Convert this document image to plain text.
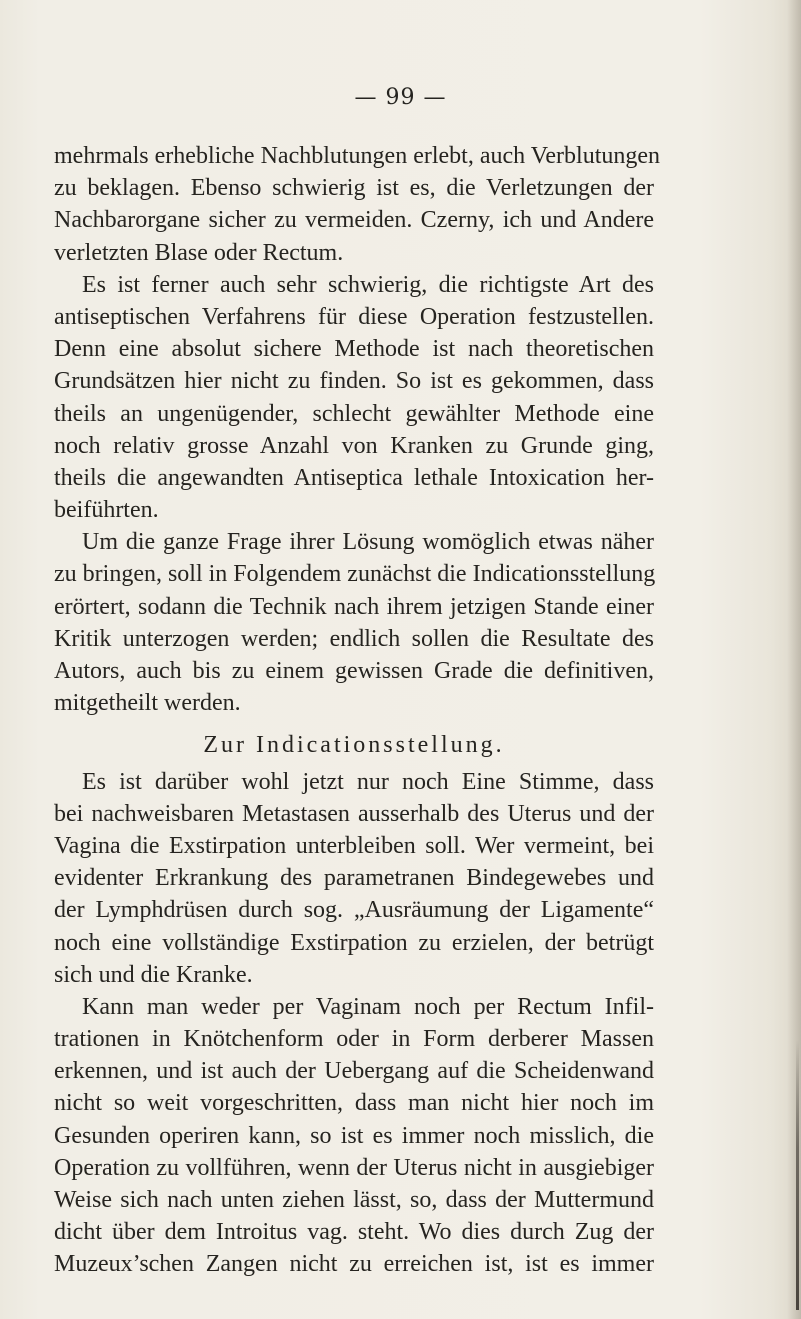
— 99 —
mehrmals erhebliche Nachblutungen erlebt, auch Verblutungen
zu beklagen. Ebenso schwierig ist es, die Verletzungen der
Nachbarorgane sicher zu vermeiden. Czerny, ich und Andere
verletzten Blase oder Rectum.
Es ist ferner auch sehr schwierig, die richtigste Art des
antiseptischen Verfahrens für diese Operation festzustellen.
Denn eine absolut sichere Methode ist nach theoretischen
Grundsätzen hier nicht zu finden. So ist es gekommen, dass
theils an ungenügender, schlecht gewählter Methode eine
noch relativ grosse Anzahl von Kranken zu Grunde ging,
theils die angewandten Antiseptica lethale Intoxication her-
beiführten.
Um die ganze Frage ihrer Lösung womöglich etwas näher
zu bringen, soll in Folgendem zunächst die Indicationsstellung
erörtert, sodann die Technik nach ihrem jetzigen Stande einer
Kritik unterzogen werden; endlich sollen die Resultate des
Autors, auch bis zu einem gewissen Grade die definitiven,
mitgetheilt werden.
Zur Indicationsstellung.
Es ist darüber wohl jetzt nur noch Eine Stimme, dass
bei nachweisbaren Metastasen ausserhalb des Uterus und der
Vagina die Exstirpation unterbleiben soll. Wer vermeint, bei
evidenter Erkrankung des parametranen Bindegewebes und
der Lymphdrüsen durch sog. „Ausräumung der Ligamente“
noch eine vollständige Exstirpation zu erzielen, der betrügt
sich und die Kranke.
Kann man weder per Vaginam noch per Rectum Infil-
trationen in Knötchenform oder in Form derberer Massen
erkennen, und ist auch der Uebergang auf die Scheidenwand
nicht so weit vorgeschritten, dass man nicht hier noch im
Gesunden operiren kann, so ist es immer noch misslich, die
Operation zu vollführen, wenn der Uterus nicht in ausgiebiger
Weise sich nach unten ziehen lässt, so, dass der Muttermund
dicht über dem Introitus vag. steht. Wo dies durch Zug der
Muzeux’schen Zangen nicht zu erreichen ist, ist es immer
